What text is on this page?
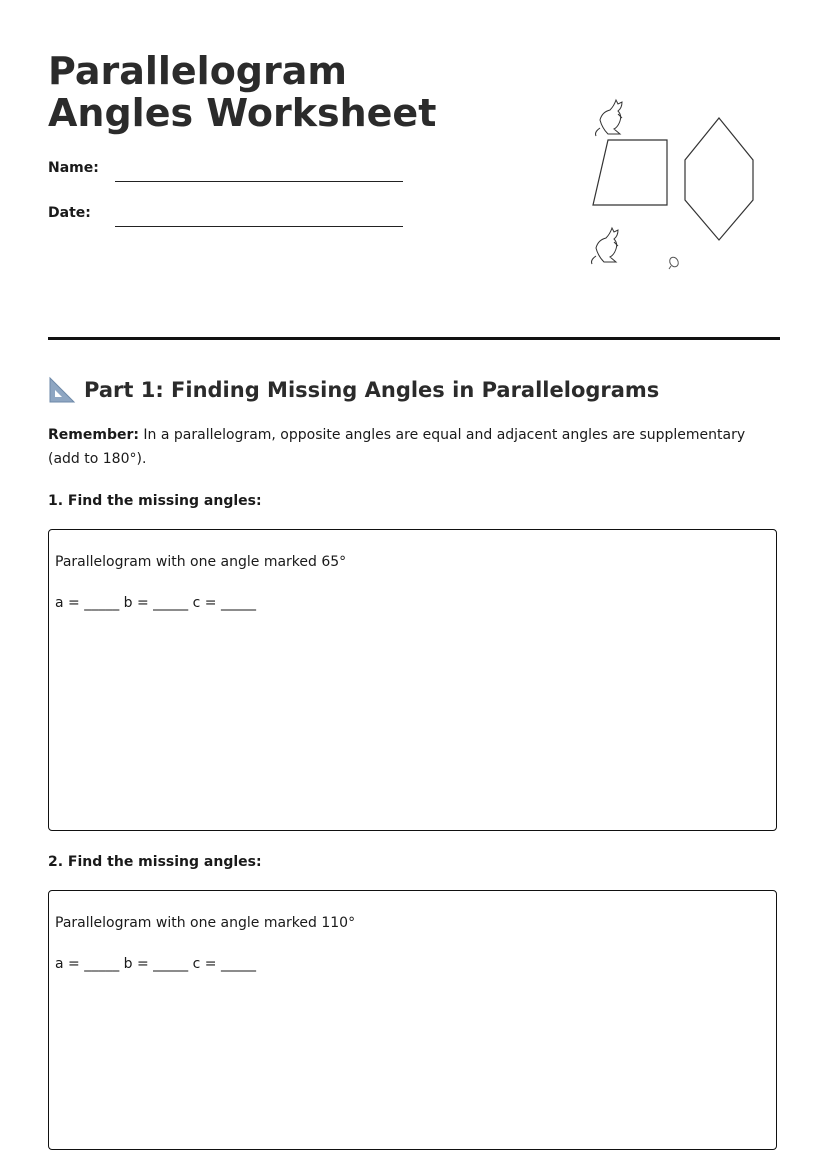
Parallelogram Angles Worksheet
Name:
Date:
Part 1: Finding Missing Angles in Parallelograms

Remember: In a parallelogram, opposite angles are equal and adjacent angles are supplementary (add to 180°).

1. Find the missing angles:

Parallelogram with one angle marked 65°

a = _____ b = _____ c = _____

2. Find the missing angles:

Parallelogram with one angle marked 110°

a = _____ b = _____ c = _____
